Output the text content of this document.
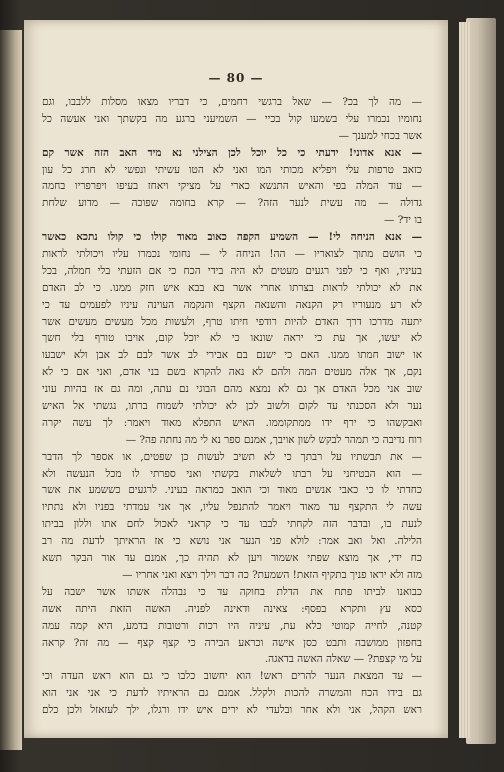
— 80 —
— מה לך בכ? — שאל ברגשי רחמים, כי דבריו מצאו מסלות ללבבו, וגם
נחומיו נכמרו עלי בשמעו קול בכיי — השמיעני ברגע מה בקשתך ואני אעשה כל
אשר בכחי למענך —
— אנא אדוני! ידעתי כי כל יוכל לכן הצילני נא מיד האב הזה אשר קם
כזאב טרפות עלי ויפליא מכותי המו ואני לא הטו עשיתי ונפשי לא חרג כל עון
— עוד המלה בפי והאיש התנשא כארי על מציקי ויאחז בעיפו ויפרפריו בחמה
גדולה — מה עשית לנער הזה? — קרא בחומה שפוכה — מדוע שלחת
בו יד? —
— אנא הניחה לי! — השמיע הקפה כאוב מאוד קולו כי קולו נתכא כאשר
כי הושם מתוך לצואריו — הה! הניחה לי — נחומי נכמרו עליו ויכולתי לראות
בעיניו, ואף כי לפני רגעים מעטים לא היה בידי הכח כי אם הזעתי בלי חמלה, בכל
את לא יכולתי לראות בצרתו אחרי אשר בא בבא איש חזק ממנו. כי לב האדם
לא רע מנעוריו רק הקנאה והשנאה הקצף והנקמה העוינה עיניו לפעמים עד כי
יתעה מדרכו דרך האדם להיות רודפי חיתו טרף, ולעשות מכל מעשים מעשים אשר
לא יעשו, אך עת כי יראה שונאו כי לא יוכל קום, אויבו טורף בלי חשך
או ישוב חמתו ממנו. האם כי ישנם בם אבירי לב אשר לבם לב אבן ולא ישבעו
נקם, אך אלה מעטים המה ולהם לא נאה להקרא בשם בני אדם, ואני אם כי לא
שוב אני מכל האדם אך גם לא נמצא מהם הבוגי נם עתה, ומה גם אז בהיות עוני
נער ולא הסכנתי עד לקום ולשוב לכן לא יכולתי לשמוח ברתו, נגשתי אל האיש
ואבקשהו כי ירף ידו ממתקוממו. האיש התפלא מאוד ויאמר: לך עשה יקרה
רוח נדיבה כי תמהר לבקש לשון אויבך, אמנם ספר נא לי מה נחתה פה? —
— את תבשתיו על רבתך כי לא תשיב לעשות כן שפטים, או אספר לך הדבר
— הוא הבטיחני על רבתו לשלאות בקשתי ואני ספרתי לו מכל הנעשה ולא
כחדתי לו כי כאבי אנשים מאוד וכי הואב כמראה בעיני. לרגעים כששמע את אשר
עשה לי התקצף עד מאוד ויאמר להתנפל עליו, אך אני עמדתי בפניו ולא נתתיו
לנעת בו, ובדבר הזה לקחתי לבבו עד כי קראני לאכול לחם אתו וללון בביתו
הלילה. ואל ואב אמר: לולא פני הנער אני נושא כי אז הראיתך לדעת מה רב
כח ידי, אך מוצא שפתי אשמור ויען לא תהיה כך, אמנם עד אור הבקר תשא
מזה ולא יראו פניך בתקיף הזאת! השמעת? כה דבר וילך ויצא ואני אחריו —
כבואנו לביתו פתח את הדלת בחוקה עד כי נבהלה אשתו אשר ישבה על
כסא עץ ותקרא בפסף: צאינה ודאינה לפניה. האשה הזאת היתה אשה
קטנה, לחייה קמוטי כלא עת, עיניה היו רכות ורטובות בדמע, היא קמה עמה
בחפזון ממושבה ותבט כסן אישה וכראע הבירה כי קצף קצף — מה זה? קראה
על מי קצפת? — שאלה האשה בדאגה.
— עד המצאת הנער להרים ראש! הוא יחשוב כלבו כי גם הוא ראש העדה וכי
גם בידו הכח והמשרה להכות ולקלל. אמנם גם הראיתיו לדעת כי אני אני הוא
ראש הקהל, אני ולא אחר ובלעדי לא ירים איש ידו ורגלו, ילך לעזאזל ולכן כלם
